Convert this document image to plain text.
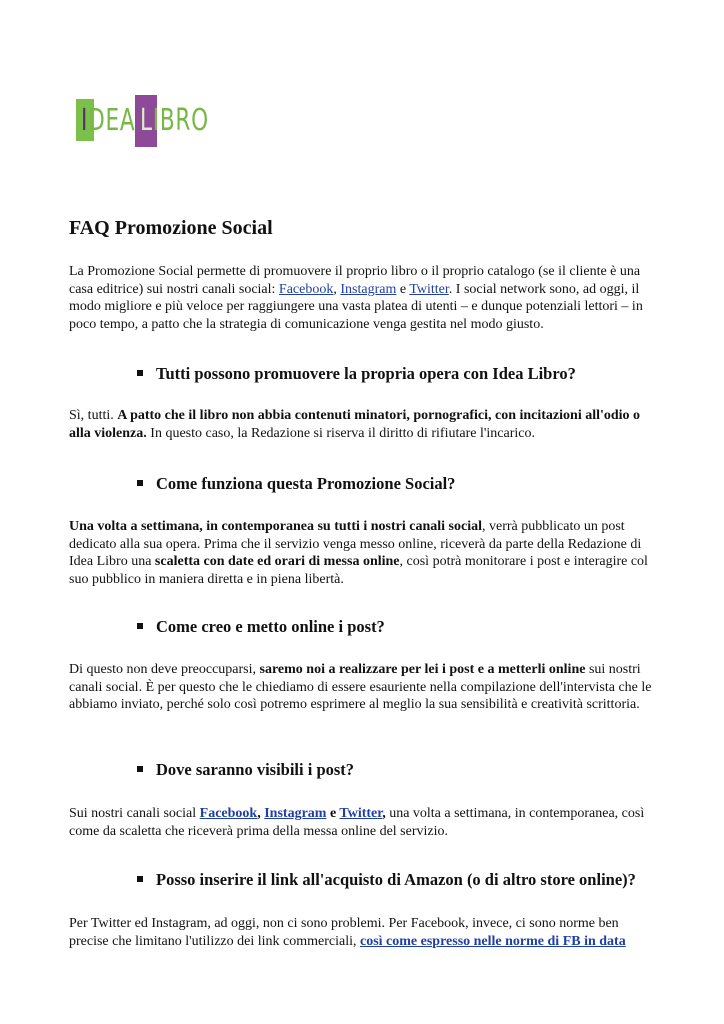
I DEA L IBRO
FAQ Promozione Social

La Promozione Social permette di promuovere il proprio libro o il proprio catalogo (se il cliente è una casa editrice) sui nostri canali social: Facebook, Instagram e Twitter. I social network sono, ad oggi, il modo migliore e più veloce per raggiungere una vasta platea di utenti – e dunque potenziali lettori – in poco tempo, a patto che la strategia di comunicazione venga gestita nel modo giusto.

Tutti possono promuovere la propria opera con Idea Libro?

Sì, tutti. A patto che il libro non abbia contenuti minatori, pornografici, con incitazioni all'odio o alla violenza. In questo caso, la Redazione si riserva il diritto di rifiutare l'incarico.

Come funziona questa Promozione Social?

Una volta a settimana, in contemporanea su tutti i nostri canali social, verrà pubblicato un post dedicato alla sua opera. Prima che il servizio venga messo online, riceverà da parte della Redazione di Idea Libro una scaletta con date ed orari di messa online, così potrà monitorare i post e interagire col suo pubblico in maniera diretta e in piena libertà.

Come creo e metto online i post?

Di questo non deve preoccuparsi, saremo noi a realizzare per lei i post e a metterli online sui nostri canali social. È per questo che le chiediamo di essere esauriente nella compilazione dell'intervista che le abbiamo inviato, perché solo così potremo esprimere al meglio la sua sensibilità e creatività scrittoria.

Dove saranno visibili i post?

Sui nostri canali social Facebook, Instagram e Twitter, una volta a settimana, in contemporanea, così come da scaletta che riceverà prima della messa online del servizio.

Posso inserire il link all'acquisto di Amazon (o di altro store online)?

Per Twitter ed Instagram, ad oggi, non ci sono problemi. Per Facebook, invece, ci sono norme ben precise che limitano l'utilizzo dei link commerciali, così come espresso nelle norme di FB in data
